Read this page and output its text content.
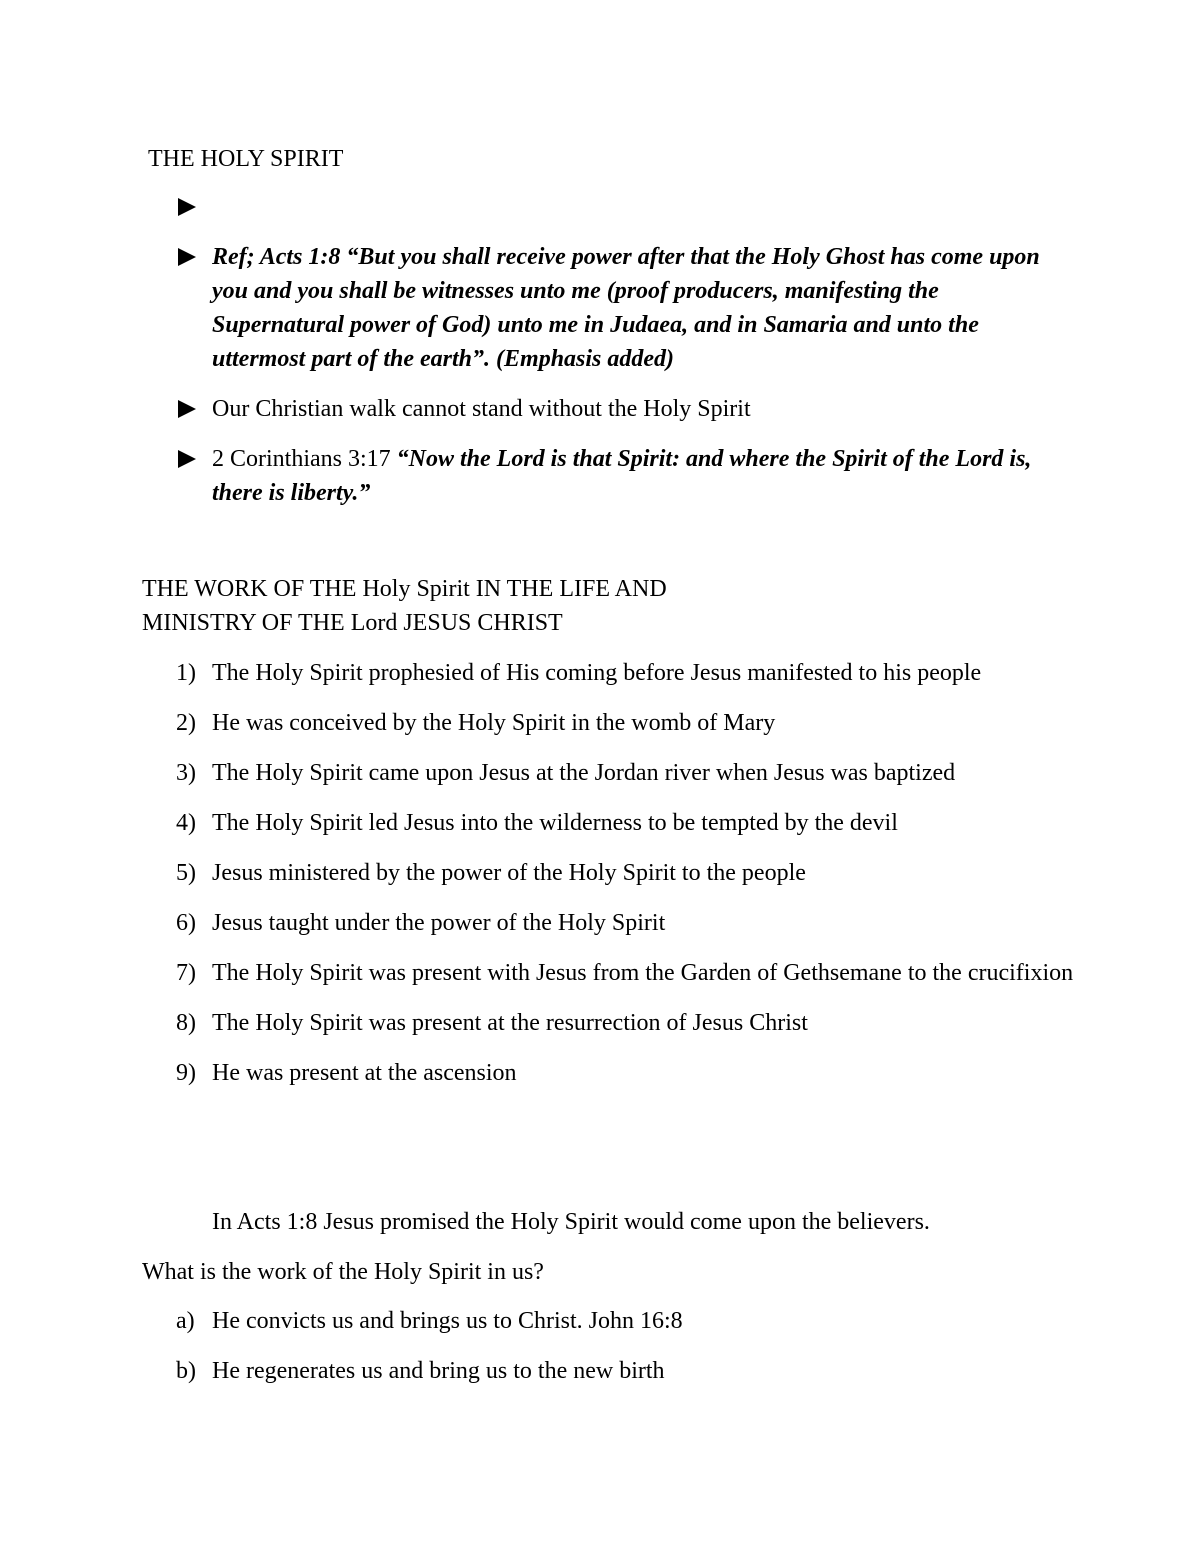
THE HOLY SPIRIT
Ref; Acts 1:8 “But you shall receive power after that the Holy Ghost has come upon you and you shall be witnesses unto me (proof producers, manifesting the Supernatural power of God) unto me in Judaea, and in Samaria and unto the uttermost part of the earth”. (Emphasis added)
Our Christian walk cannot stand without the Holy Spirit
2 Corinthians 3:17 “Now the Lord is that Spirit: and where the Spirit of the Lord is, there is liberty.”
THE WORK OF THE Holy Spirit IN THE LIFE AND
MINISTRY OF THE Lord JESUS CHRIST
1) The Holy Spirit prophesied of His coming before Jesus manifested to his people
2) He was conceived by the Holy Spirit in the womb of Mary
3) The Holy Spirit came upon Jesus at the Jordan river when Jesus was baptized
4) The Holy Spirit led Jesus into the wilderness to be tempted by the devil
5) Jesus ministered by the power of the Holy Spirit to the people
6) Jesus taught under the power of the Holy Spirit
7) The Holy Spirit was present with Jesus from the Garden of Gethsemane to the crucifixion
8) The Holy Spirit was present at the resurrection of Jesus Christ
9) He was present at the ascension
In Acts 1:8 Jesus promised the Holy Spirit would come upon the believers.
What is the work of the Holy Spirit in us?
a) He convicts us and brings us to Christ. John 16:8
b) He regenerates us and bring us to the new birth
